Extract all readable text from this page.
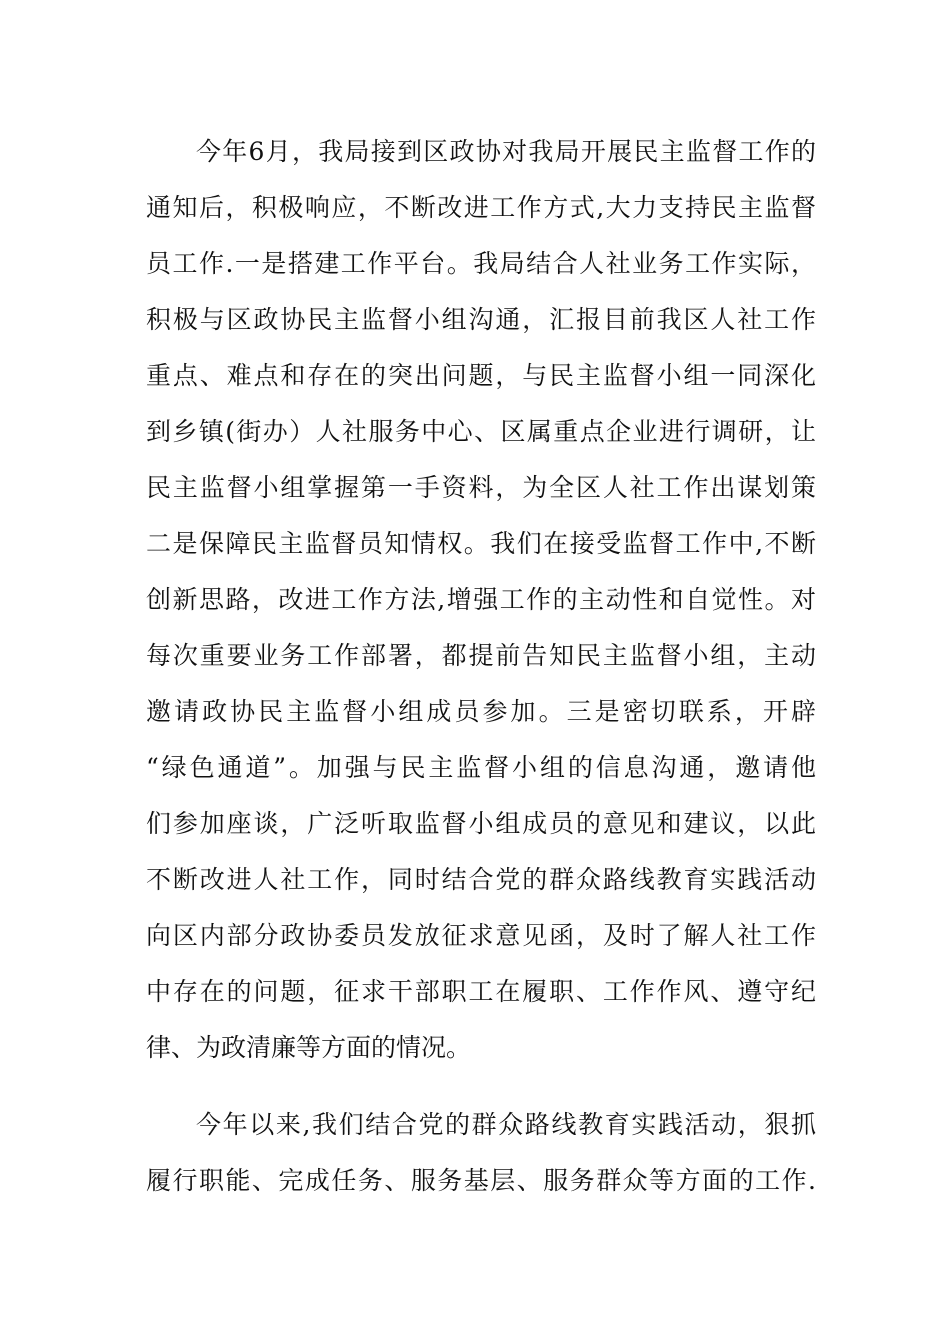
今年6月，我局接到区政协对我局开展民主监督工作的
通知后，积极响应，不断改进工作方式,大力支持民主监督
员工作.一是搭建工作平台。我局结合人社业务工作实际，
积极与区政协民主监督小组沟通，汇报目前我区人社工作
重点、难点和存在的突出问题，与民主监督小组一同深化
到乡镇(街办）人社服务中心、区属重点企业进行调研，让
民主监督小组掌握第一手资料，为全区人社工作出谋划策
二是保障民主监督员知情权。我们在接受监督工作中,不断
创新思路，改进工作方法,增强工作的主动性和自觉性。对
每次重要业务工作部署，都提前告知民主监督小组，主动
邀请政协民主监督小组成员参加。三是密切联系，开辟
“绿色通道”。加强与民主监督小组的信息沟通，邀请他
们参加座谈，广泛听取监督小组成员的意见和建议，以此
不断改进人社工作，同时结合党的群众路线教育实践活动
向区内部分政协委员发放征求意见函，及时了解人社工作
中存在的问题，征求干部职工在履职、工作作风、遵守纪
律、为政清廉等方面的情况。
今年以来,我们结合党的群众路线教育实践活动，狠抓
履行职能、完成任务、服务基层、服务群众等方面的工作.
